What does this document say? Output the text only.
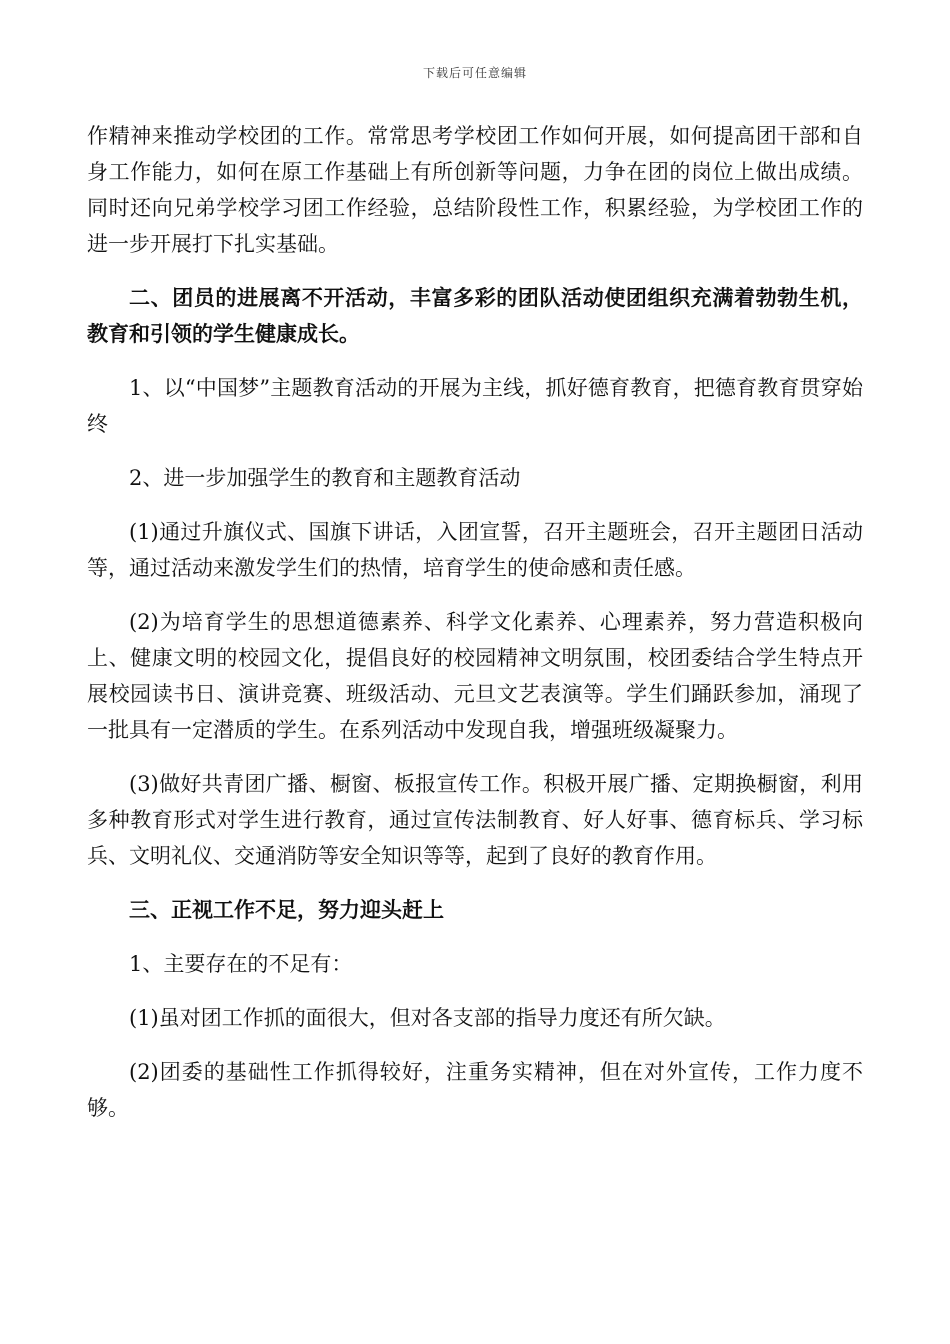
下载后可任意编辑

作精神来推动学校团的工作。常常思考学校团工作如何开展，如何提高团干部和自身工作能力，如何在原工作基础上有所创新等问题，力争在团的岗位上做出成绩。同时还向兄弟学校学习团工作经验，总结阶段性工作，积累经验，为学校团工作的进一步开展打下扎实基础。

二、团员的进展离不开活动，丰富多彩的团队活动使团组织充满着勃勃生机，教育和引领的学生健康成长。

1、以“中国梦”主题教育活动的开展为主线，抓好德育教育，把德育教育贯穿始终

2、进一步加强学生的教育和主题教育活动

(1)通过升旗仪式、国旗下讲话，入团宣誓，召开主题班会，召开主题团日活动等，通过活动来激发学生们的热情，培育学生的使命感和责任感。

(2)为培育学生的思想道德素养、科学文化素养、心理素养，努力营造积极向上、健康文明的校园文化，提倡良好的校园精神文明氛围，校团委结合学生特点开展校园读书日、演讲竞赛、班级活动、元旦文艺表演等。学生们踊跃参加，涌现了一批具有一定潜质的学生。在系列活动中发现自我，增强班级凝聚力。

(3)做好共青团广播、橱窗、板报宣传工作。积极开展广播、定期换橱窗，利用多种教育形式对学生进行教育，通过宣传法制教育、好人好事、德育标兵、学习标兵、文明礼仪、交通消防等安全知识等等，起到了良好的教育作用。

三、正视工作不足，努力迎头赶上

1、主要存在的不足有：

(1)虽对团工作抓的面很大，但对各支部的指导力度还有所欠缺。

(2)团委的基础性工作抓得较好，注重务实精神，但在对外宣传，工作力度不够。
